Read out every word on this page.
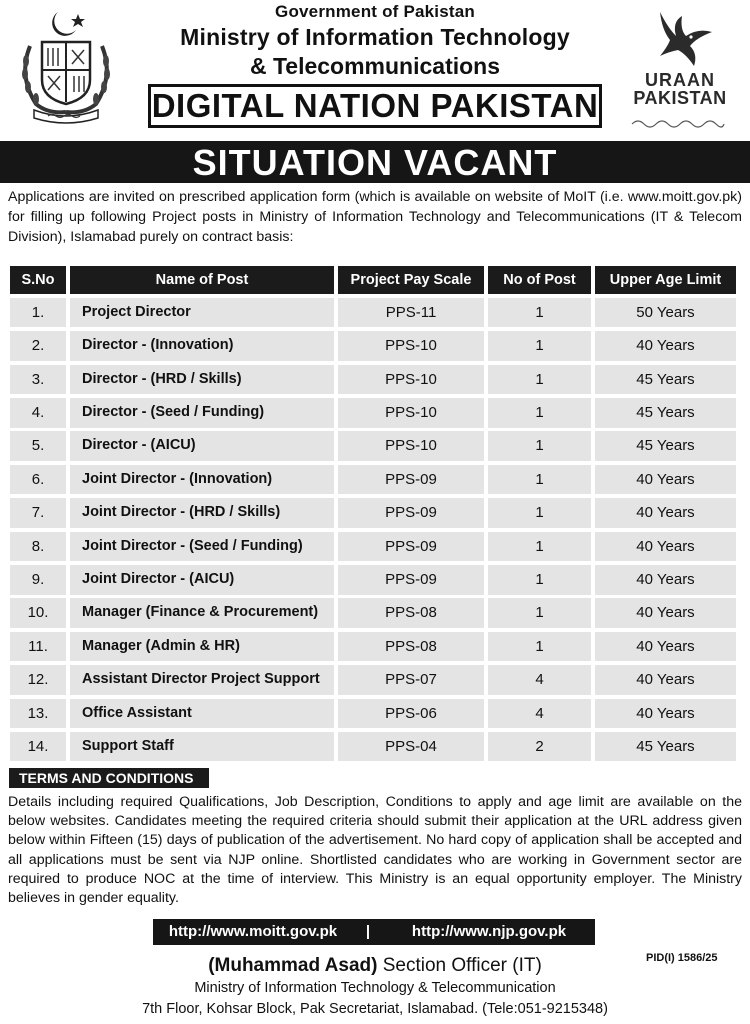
Government of Pakistan
Ministry of Information Technology
& Telecommunications
DIGITAL NATION PAKISTAN
URAAN
PAKISTAN
SITUATION VACANT
Applications are invited on prescribed application form (which is available on website of MoIT (i.e. www.moitt.gov.pk) for filling up following Project posts in Ministry of Information Technology and Telecommunications (IT & Telecom Division), Islamabad purely on contract basis:
S.No	Name of Post	Project Pay Scale	No of Post	Upper Age Limit
1.	Project Director	PPS-11	1	50 Years
2.	Director - (Innovation)	PPS-10	1	40 Years
3.	Director - (HRD / Skills)	PPS-10	1	45 Years
4.	Director - (Seed / Funding)	PPS-10	1	45 Years
5.	Director - (AICU)	PPS-10	1	45 Years
6.	Joint Director - (Innovation)	PPS-09	1	40 Years
7.	Joint Director - (HRD / Skills)	PPS-09	1	40 Years
8.	Joint Director - (Seed / Funding)	PPS-09	1	40 Years
9.	Joint Director - (AICU)	PPS-09	1	40 Years
10.	Manager (Finance & Procurement)	PPS-08	1	40 Years
11.	Manager (Admin & HR)	PPS-08	1	40 Years
12.	Assistant Director Project Support	PPS-07	4	40 Years
13.	Office Assistant	PPS-06	4	40 Years
14.	Support Staff	PPS-04	2	45 Years
TERMS AND CONDITIONS
Details including required Qualifications, Job Description, Conditions to apply and age limit are available on the below websites. Candidates meeting the required criteria should submit their application at the URL address given below within Fifteen (15) days of publication of the advertisement. No hard copy of application shall be accepted and all applications must be sent via NJP online. Shortlisted candidates who are working in Government sector are required to produce NOC at the time of interview. This Ministry is an equal opportunity employer. The Ministry believes in gender equality.
http://www.moitt.gov.pk	|	http://www.njp.gov.pk
PID(I) 1586/25
(Muhammad Asad) Section Officer (IT)
Ministry of Information Technology & Telecommunication
7th Floor, Kohsar Block, Pak Secretariat, Islamabad. (Tele:051-9215348)
